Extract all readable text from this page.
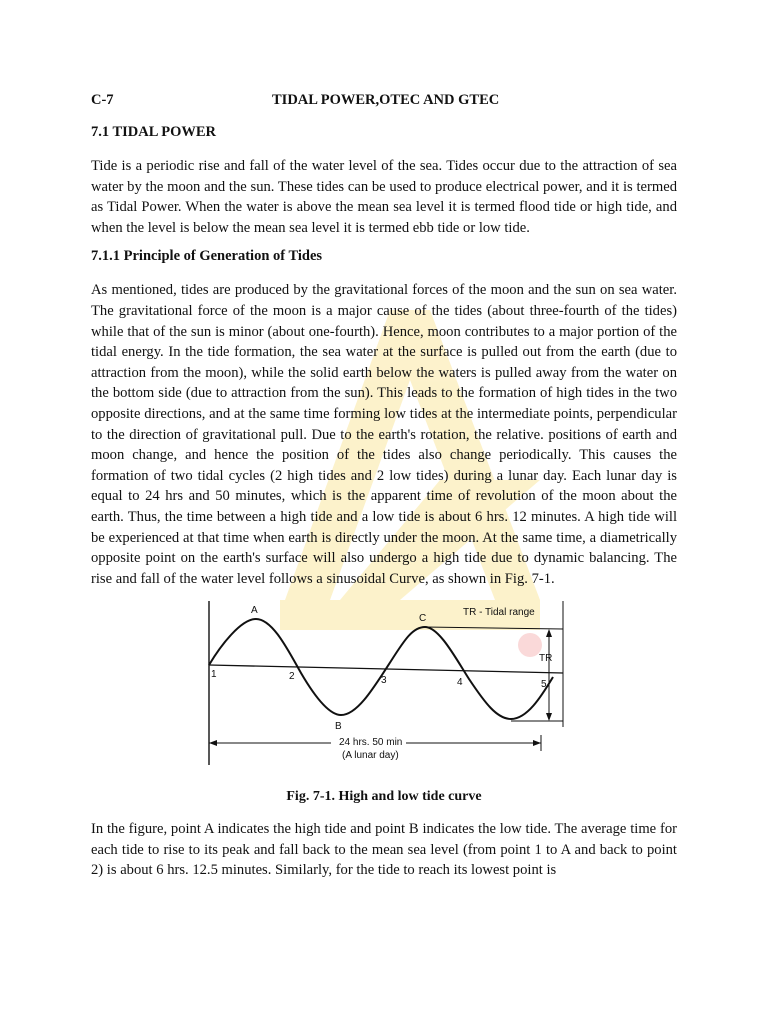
C-7	TIDAL POWER,OTEC AND GTEC
7.1 TIDAL POWER

Tide is a periodic rise and fall of the water level of the sea. Tides occur due to the attraction of sea water by the moon and the sun. These tides can be used to produce electrical power, and it is termed as Tidal Power. When the water is above the mean sea level it is termed flood tide or high tide, and when the level is below the mean sea level it is termed ebb tide or low tide.

7.1.1 Principle of Generation of Tides

As mentioned, tides are produced by the gravitational forces of the moon and the sun on sea water. The gravitational force of the moon is a major cause of the tides (about three-fourth of the tides) while that of the sun is minor (about one-fourth). Hence, moon contributes to a major portion of the tidal energy. In the tide formation, the sea water at the surface is pulled out from the earth (due to attraction from the moon), while the solid earth below the waters is pulled away from the water on the bottom side (due to attraction from the sun). This leads to the formation of high tides in the two opposite directions, and at the same time forming low tides at the intermediate points, perpendicular to the direction of gravitational pull. Due to the earth's rotation, the relative. positions of earth and moon change, and hence the position of the tides also change periodically. This causes the formation of two tidal cycles (2 high tides and 2 low tides) during a lunar day. Each lunar day is equal to 24 hrs and 50 minutes, which is the apparent time of revolution of the moon about the earth. Thus, the time between a high tide and a low tide is about 6 hrs. 12 minutes. A high tide will be experienced at that time when earth is directly under the moon. At the same time, a diametrically opposite point on the earth's surface will also undergo a high tide due to dynamic balancing. The rise and fall of the water level follows a sinusoidal Curve, as shown in Fig. 7-1.

A
B
C
1	2	3	4	5
TR - Tidal range
TR
24 hrs. 50 min
(A lunar day)
Fig. 7-1. High and low tide curve

In the figure, point A indicates the high tide and point B indicates the low tide. The average time for each tide to rise to its peak and fall back to the mean sea level (from point 1 to A and back to point 2) is about 6 hrs. 12.5 minutes. Similarly, for the tide to reach its lowest point is
